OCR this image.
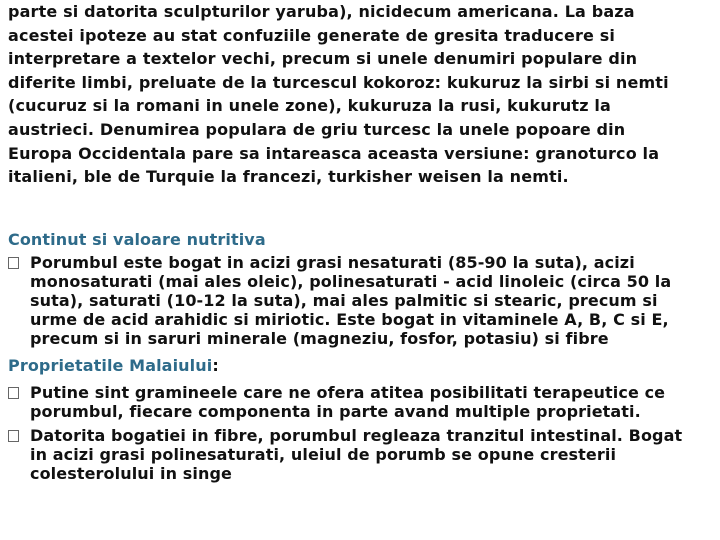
parte si datorita sculpturilor yaruba), nicidecum americana. La baza
acestei ipoteze au stat confuziile generate de gresita traducere si
interpretare a textelor vechi, precum si unele denumiri populare din
diferite limbi, preluate de la turcescul kokoroz: kukuruz la sirbi si nemti
(cucuruz si la romani in unele zone), kukuruza la rusi, kukurutz la
austrieci. Denumirea populara de griu turcesc la unele popoare din
Europa Occidentala pare sa intareasca aceasta versiune: granoturco la
italieni, ble de Turquie la francezi, turkisher weisen la nemti.

Continut si valoare nutritiva
Porumbul este bogat in acizi grasi nesaturati (85-90 la suta), acizi
monosaturati (mai ales oleic), polinesaturati - acid linoleic (circa 50 la
suta), saturati (10-12 la suta), mai ales palmitic si stearic, precum si
urme de acid arahidic si miriotic. Este bogat in vitaminele A, B, C si E,
precum si in saruri minerale (magneziu, fosfor, potasiu) si fibre
Proprietatile Malaiului:
Putine sint gramineele care ne ofera atitea posibilitati terapeutice ce
porumbul, fiecare componenta in parte avand multiple proprietati.
Datorita bogatiei in fibre, porumbul regleaza tranzitul intestinal. Bogat
in acizi grasi polinesaturati, uleiul de porumb se opune cresterii
colesterolului in singe
